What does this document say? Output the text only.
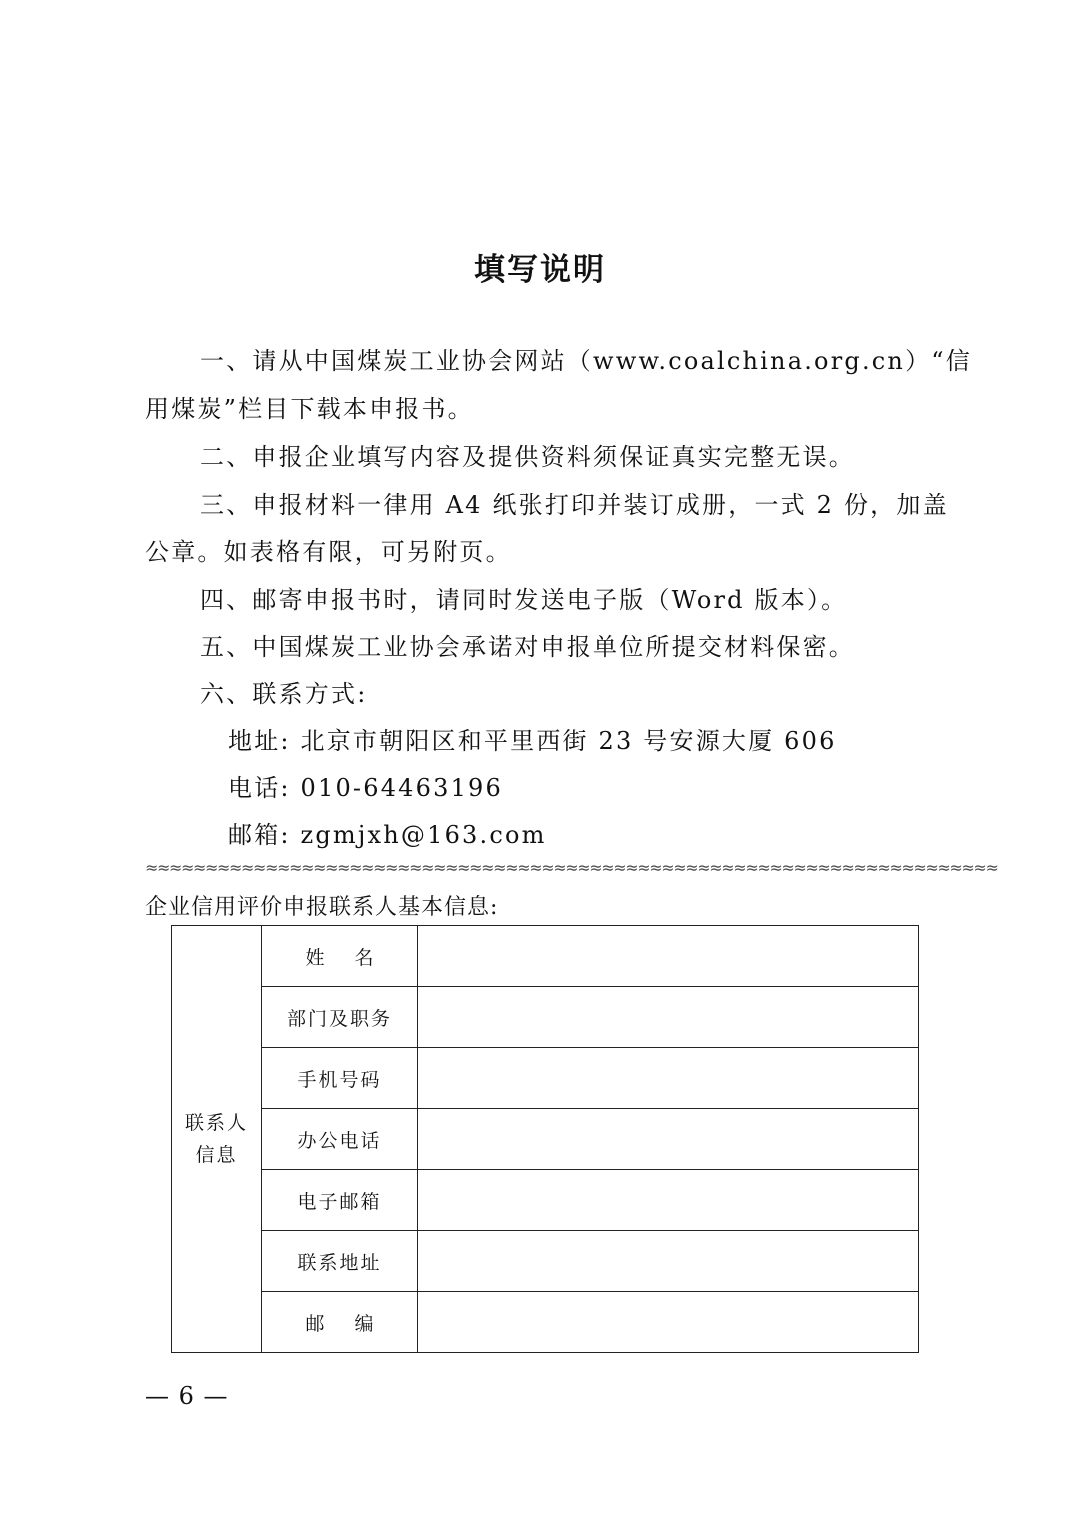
填写说明
一、请从中国煤炭工业协会网站（www.coalchina.org.cn）“信
用煤炭”栏目下载本申报书。
二、申报企业填写内容及提供资料须保证真实完整无误。
三、申报材料一律用 A4 纸张打印并装订成册，一式 2 份，加盖
公章。如表格有限，可另附页。
四、邮寄申报书时，请同时发送电子版（Word 版本）。
五、中国煤炭工业协会承诺对申报单位所提交材料保密。
六、联系方式:
地址: 北京市朝阳区和平里西街 23 号安源大厦 606
电话: 010-64463196
邮箱: zgmjxh@163.com
≈≈≈≈≈≈≈≈≈≈≈≈≈≈≈≈≈≈≈≈≈≈≈≈≈≈≈≈≈≈≈≈≈≈≈≈≈≈≈≈≈≈≈≈≈≈≈≈≈≈≈≈≈≈≈≈≈≈≈≈≈≈≈≈≈≈≈≈≈≈≈
企业信用评价申报联系人基本信息:
联系人
信息	姓名	
	部门及职务	
	手机号码	
	办公电话	
	电子邮箱	
	联系地址	
	邮编	
— 6 —
